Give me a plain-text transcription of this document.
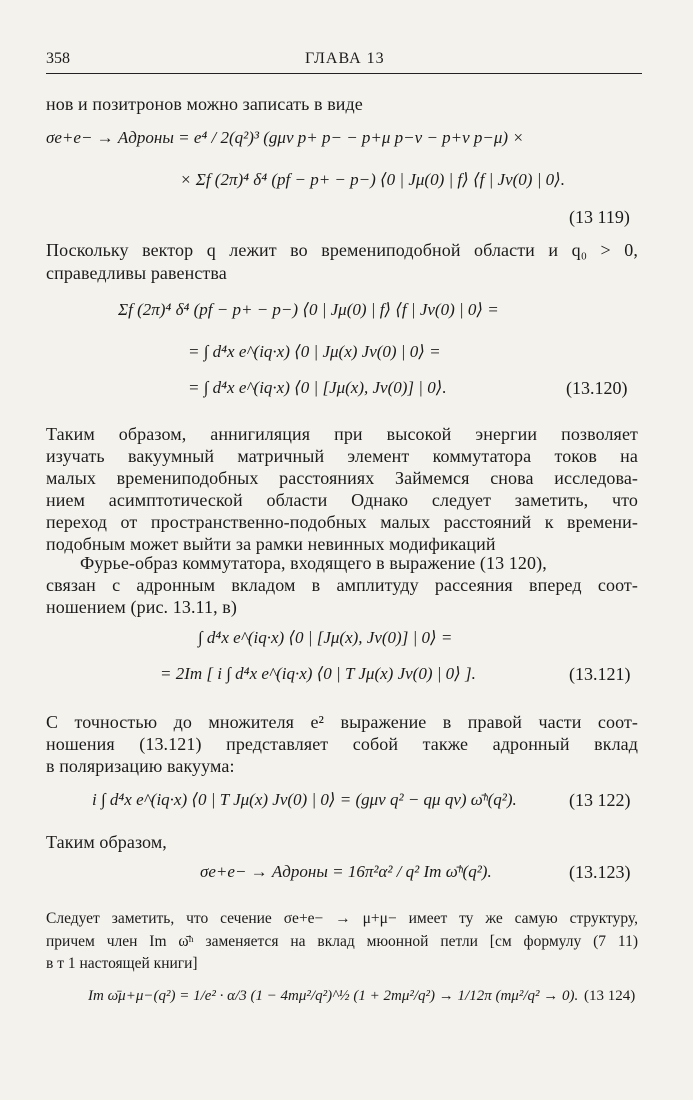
358	ГЛАВА 13
нов и позитронов можно записать в виде
σe+e− → Адроны = e⁴ / 2(q²)³ (gμν p+ p− − p+μ p−ν − p+ν p−μ) ×
× Σf (2π)⁴ δ⁴ (pf − p+ − p−) ⟨0 | Jμ(0) | f⟩ ⟨f | Jν(0) | 0⟩.
(13 119)
Поскольку вектор q лежит во времениподобной области и q₀ > 0,
справедливы равенства
Σf (2π)⁴ δ⁴ (pf − p+ − p−) ⟨0 | Jμ(0) | f⟩ ⟨f | Jν(0) | 0⟩ =
= ∫ d⁴x e^(iq·x) ⟨0 | Jμ(x) Jν(0) | 0⟩ =
= ∫ d⁴x e^(iq·x) ⟨0 | [Jμ(x), Jν(0)] | 0⟩.	(13.120)
Таким образом, аннигиляция при высокой энергии позволяет
изучать вакуумный матричный элемент коммутатора токов на
малых времениподобных расстояниях Займемся снова исследова-
нием асимптотической области Однако следует заметить, что
переход от пространственно-подобных малых расстояний к времени-
подобным может выйти за рамки невинных модификаций
Фурье-образ коммутатора, входящего в выражение (13 120),
связан с адронным вкладом в амплитуду рассеяния вперед соот-
ношением (рис. 13.11, в)
∫ d⁴x e^(iq·x) ⟨0 | [Jμ(x), Jν(0)] | 0⟩ =
= 2Im [ i ∫ d⁴x e^(iq·x) ⟨0 | T Jμ(x) Jν(0) | 0⟩ ].	(13.121)
С точностью до множителя e² выражение в правой части соот-
ношения (13.121) представляет собой также адронный вклад
в поляризацию вакуума:
i ∫ d⁴x e^(iq·x) ⟨0 | T Jμ(x) Jν(0) | 0⟩ = (gμν q² − qμ qν) ω̄ʰ(q²).	(13 122)
Таким образом,
σe+e− → Адроны = 16π²α² / q² Im ω̄ʰ(q²).	(13.123)
Следует заметить, что сечение σe+e− → μ+μ− имеет ту же самую структуру,
причем член Im ω̄ʰ заменяется на вклад мюонной петли [см формулу (7 11)
в т 1 настоящей книги]
Im ω̄μ+μ−(q²) = 1/e² · α/3 (1 − 4mμ²/q²)^½ (1 + 2mμ²/q²) → 1/12π (mμ²/q² → 0). (13 124)
